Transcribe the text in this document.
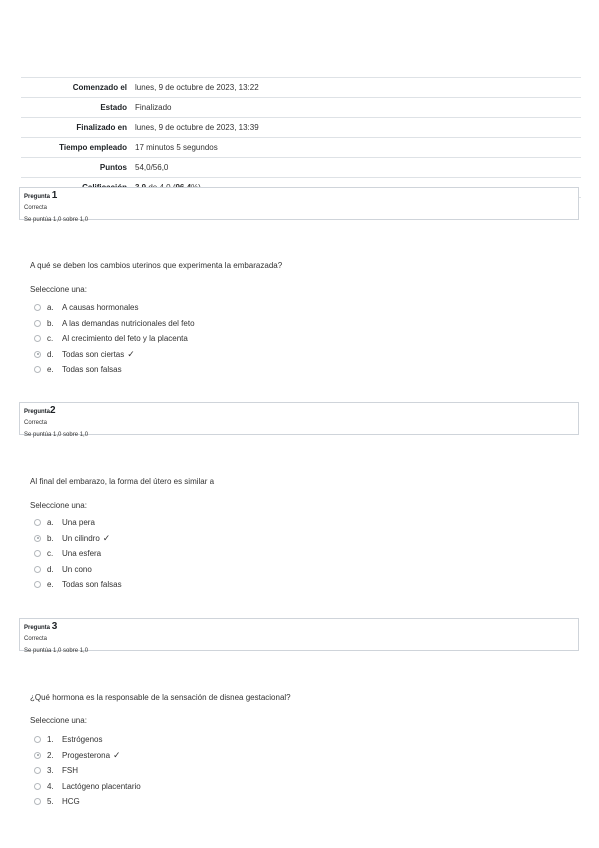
Comenzado el	lunes, 9 de octubre de 2023, 13:22
Estado	Finalizado
Finalizado en	lunes, 9 de octubre de 2023, 13:39
Tiempo empleado	17 minutos 5 segundos
Puntos	54,0/56,0

Pregunta 1
Correcta
Se puntúa 1,0 sobre 1,0
A qué se deben los cambios uterinos que experimenta la embarazada?
Seleccione una:
a.	A causas hormonales
b.	A las demandas nutricionales del feto
c.	Al crecimiento del feto y la placenta
d.	Todas son ciertas ✓
e.	Todas son falsas
Pregunta2
Correcta
Se puntúa 1,0 sobre 1,0
Al final del embarazo, la forma del útero es similar a
Seleccione una:
a.	Una pera
b.	Un cilindro ✓
c.	Una esfera
d.	Un cono
e.	Todas son falsas
Pregunta 3
Correcta
Se puntúa 1,0 sobre 1,0
¿Qué hormona es la responsable de la sensación de disnea gestacional?
Seleccione una:
1.	Estrógenos
2.	Progesterona ✓
3.	FSH
4.	Lactógeno placentario
5.	HCG
